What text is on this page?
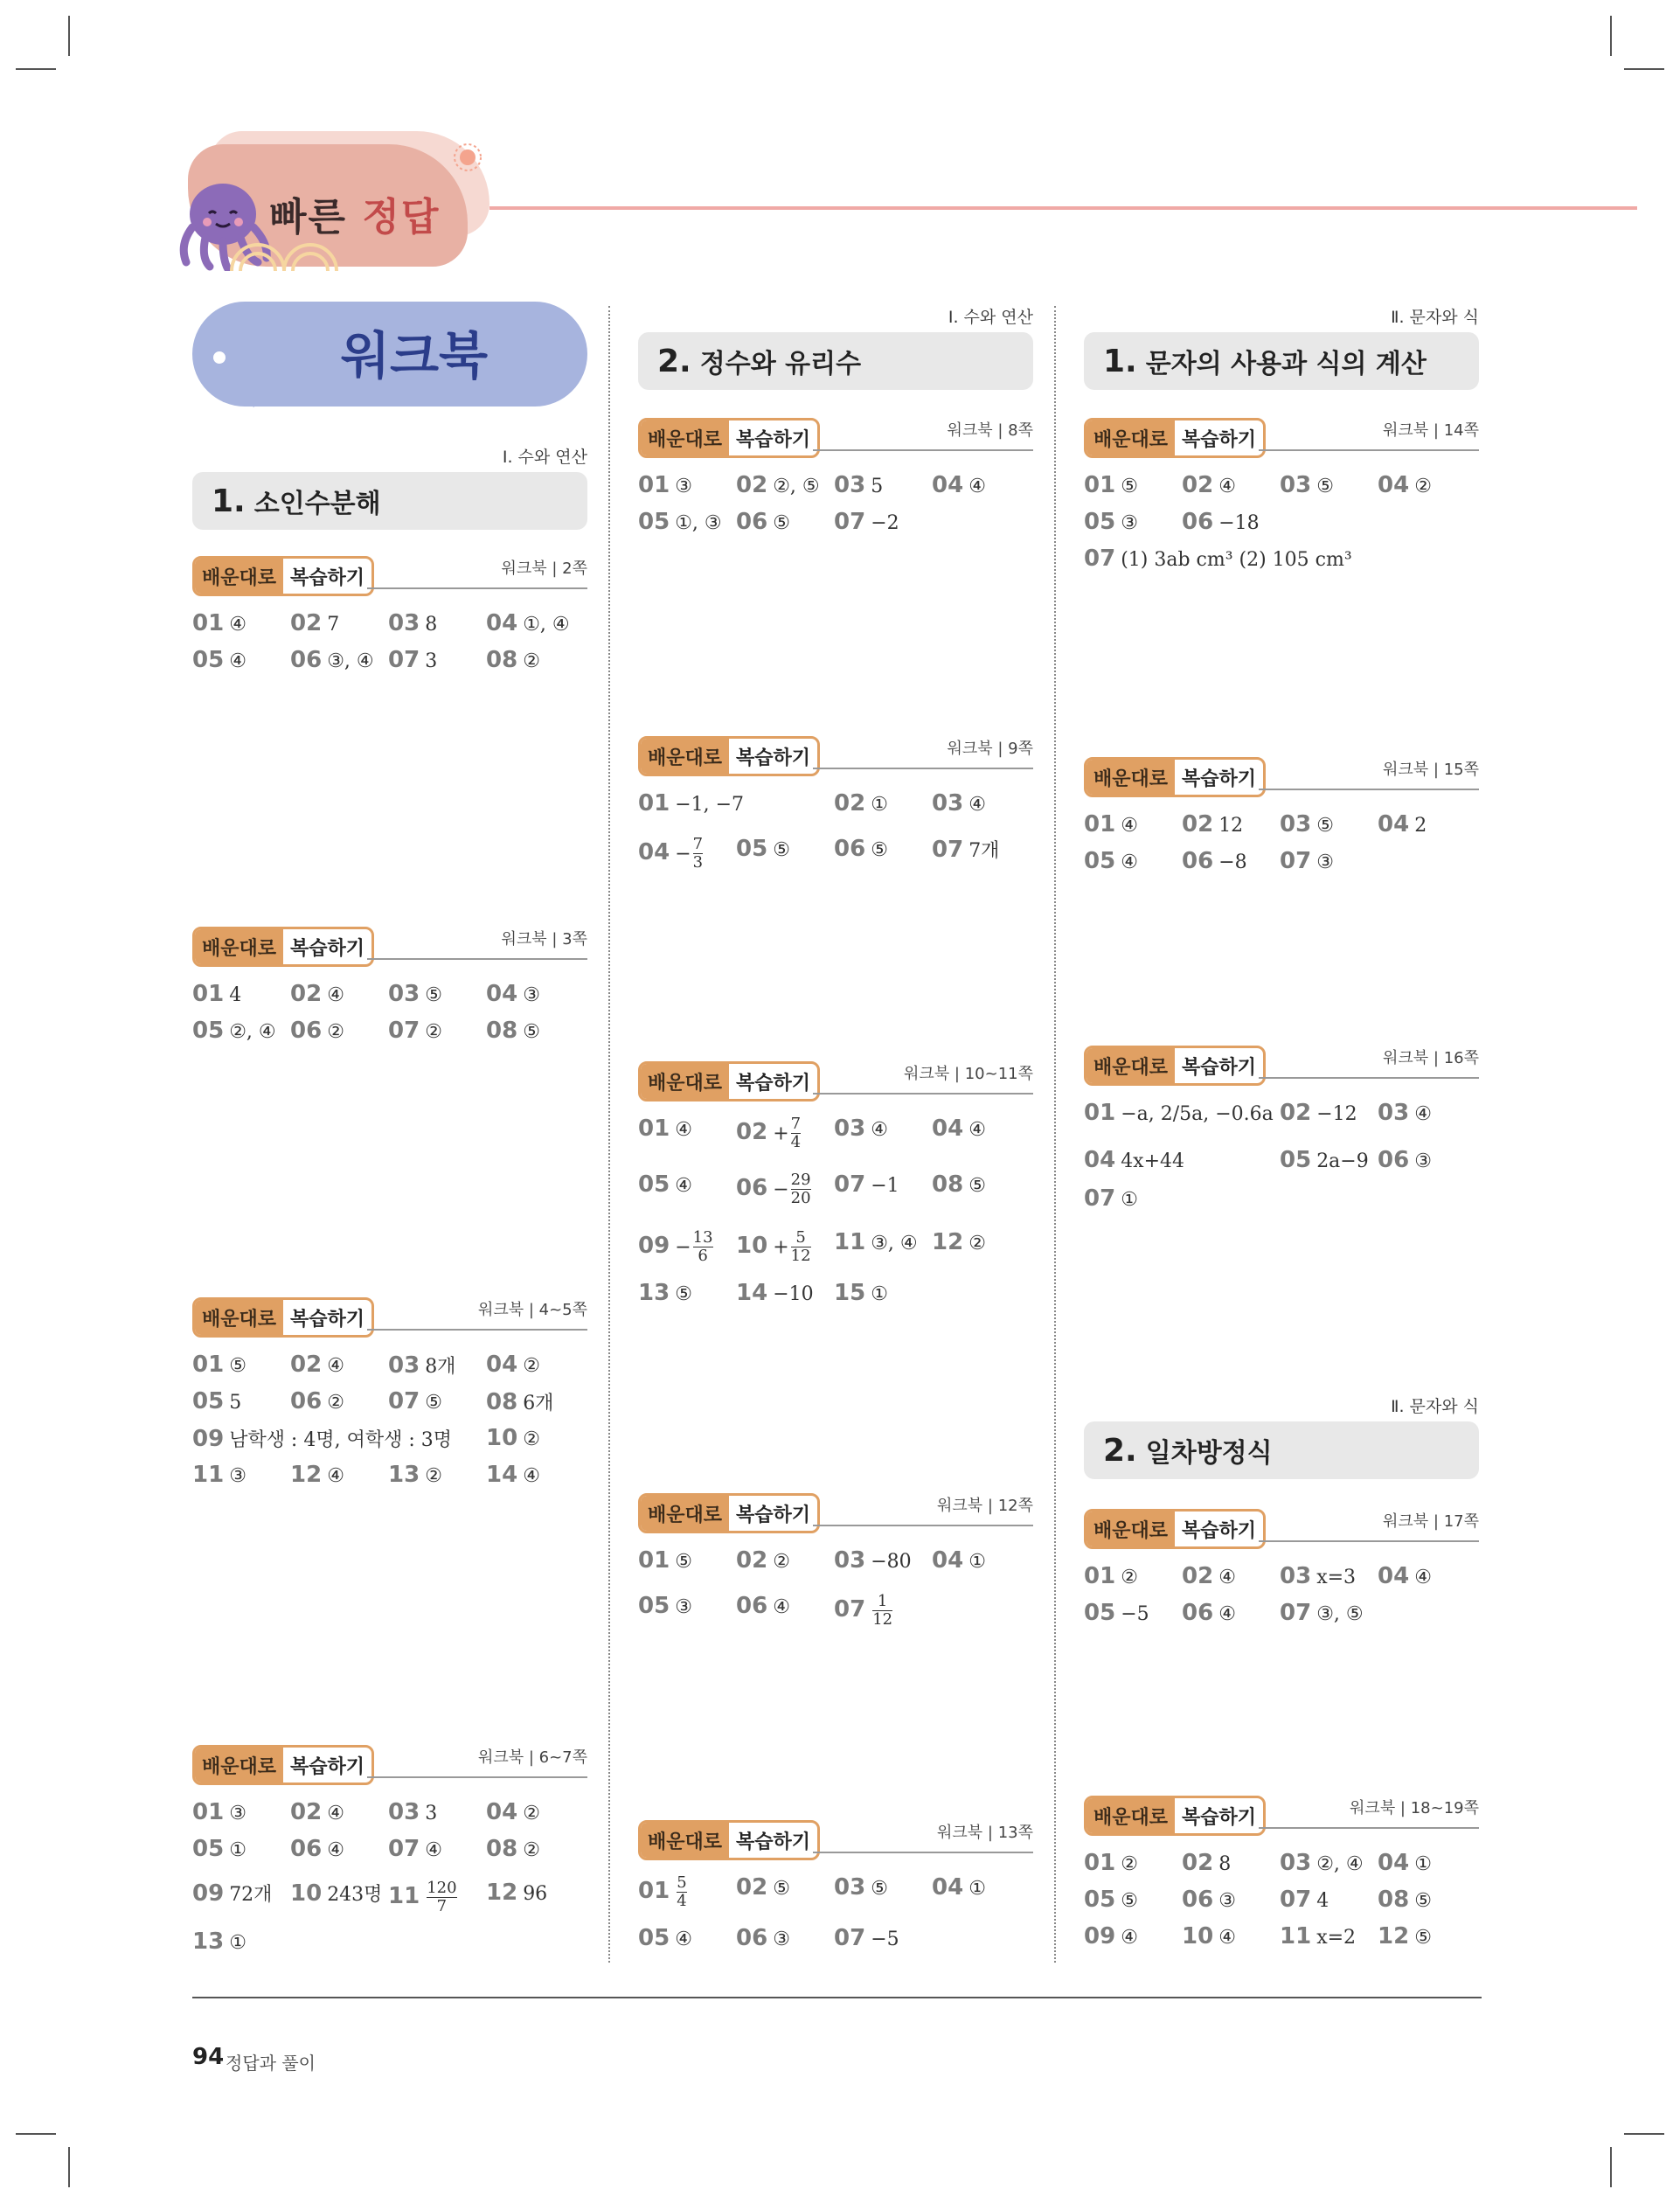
빠른 정답
워크북
94 정답과 풀이
Ⅰ. 수와 연산
1. 소인수분해
배운대로 복습하기	워크북 | 2쪽
01 ④ 02 7 03 8 04 ①, ④
05 ④ 06 ③, ④ 07 3 08 ②
배운대로 복습하기	워크북 | 3쪽
01 4 02 ④ 03 ⑤ 04 ③
05 ②, ④ 06 ② 07 ② 08 ⑤
배운대로 복습하기	워크북 | 4~5쪽
01 ⑤ 02 ④ 03 8개 04 ②
05 5 06 ② 07 ⑤ 08 6개
09 남학생 : 4명, 여학생 : 3명 10 ②
11 ③ 12 ④ 13 ② 14 ④
배운대로 복습하기	워크북 | 6~7쪽
01 ③ 02 ④ 03 3 04 ②
05 ① 06 ④ 07 ④ 08 ②
09 72개 10 243명 $11 \frac{120}{7} 12$ 96
13 ①
Ⅰ. 수와 연산
2. 정수와 유리수
배운대로 복습하기	워크북 | 8쪽
01 ③ 02 ②, ⑤ 03 5 04 ④
05 ①, ③ 06 ⑤ 07 −2
배운대로 복습하기	워크북 | 9쪽
01 −1, −7	02 ① 03 ④
$04 - \frac{7}{3} 05$ ⑤ 06 ⑤ 07 7개
배운대로 복습하기	워크북 | 10~11쪽
01 ④ $02 + \frac{7}{4} 03$ ④ 04 ④
05 ④ $06 - \frac{29}{20} 07 -1$ 08 ⑤
$09 - \frac{13}{6} 10 + \frac{5}{12} 11$ ③, ④ 12 ②
13 ⑤ 14 −10 15 ①
배운대로 복습하기	워크북 | 12쪽
01 ⑤ 02 ② 03 −80 04 ①
05 ③ 06 ④ $07 \frac{1}{12}$
배운대로 복습하기	워크북 | 13쪽
$01 \frac{5}{4} 02$ ⑤ 03 ⑤ 04 ①
05 ④ 06 ③ 07 −5
Ⅱ. 문자와 식
1. 문자의 사용과 식의 계산
배운대로 복습하기	워크북 | 14쪽
01 ⑤ 02 ④ 03 ⑤ 04 ②
05 ③ 06 −18
07 (1) 3ab cm³ (2) 105 cm³
배운대로 복습하기	워크북 | 15쪽
01 ④ 02 12 03 ⑤ 04 2
05 ④ 06 −8 07 ③
배운대로 복습하기	워크북 | 16쪽
01 −a, 2/5a, −0.6a 02 −12 03 ④
04 4x+44	05 2a−9 06 ③
07 ①
Ⅱ. 문자와 식
2. 일차방정식
배운대로 복습하기	워크북 | 17쪽
01 ② 02 ④ 03 x=3 04 ④
05 −5 06 ④ 07 ③, ⑤
배운대로 복습하기	워크북 | 18~19쪽
01 ② 02 8 03 ②, ④ 04 ①
05 ⑤ 06 ③ 07 4 08 ⑤
09 ④ 10 ④ 11 x=2 12 ⑤
